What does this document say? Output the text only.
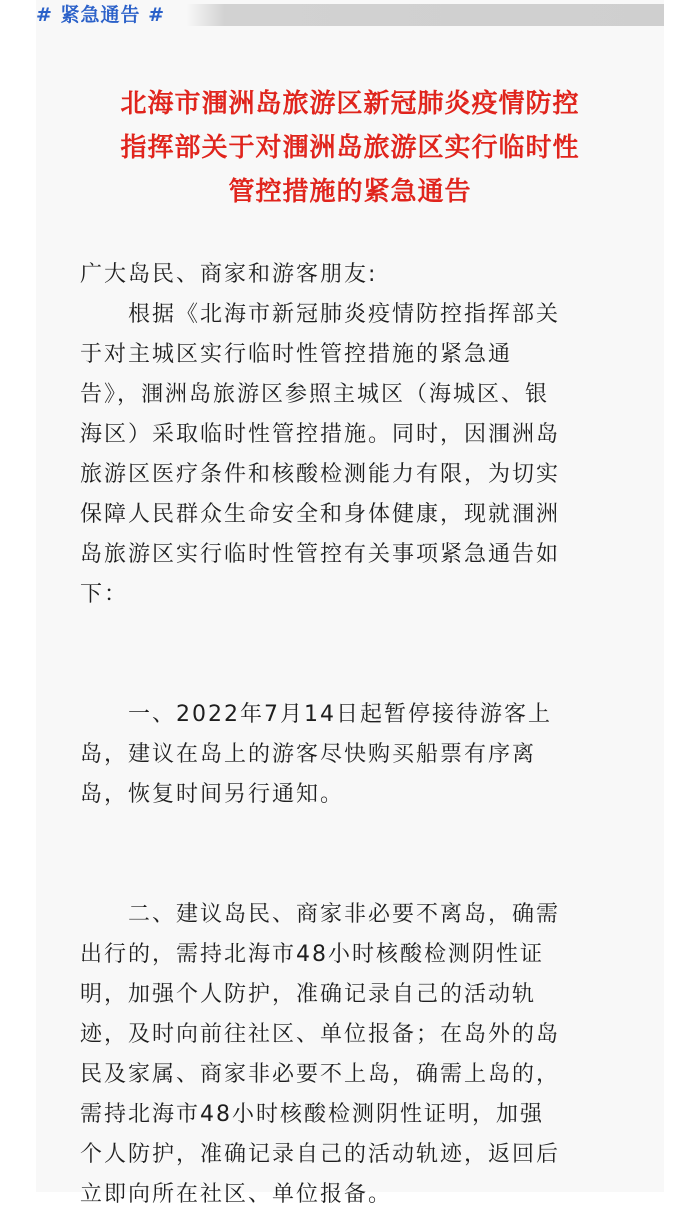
# 紧急通告 #
北海市涠洲岛旅游区新冠肺炎疫情防控
指挥部关于对涠洲岛旅游区实行临时性
管控措施的紧急通告
广大岛民、商家和游客朋友:
根据《北海市新冠肺炎疫情防控指挥部关
于对主城区实行临时性管控措施的紧急通
告》，涠洲岛旅游区参照主城区（海城区、银
海区）采取临时性管控措施。同时，因涠洲岛
旅游区医疗条件和核酸检测能力有限，为切实
保障人民群众生命安全和身体健康，现就涠洲
岛旅游区实行临时性管控有关事项紧急通告如
下：
一、2022年7月14日起暂停接待游客上
岛，建议在岛上的游客尽快购买船票有序离
岛，恢复时间另行通知。
二、建议岛民、商家非必要不离岛，确需
出行的，需持北海市48小时核酸检测阴性证
明，加强个人防护，准确记录自己的活动轨
迹，及时向前往社区、单位报备；在岛外的岛
民及家属、商家非必要不上岛，确需上岛的，
需持北海市48小时核酸检测阴性证明，加强
个人防护，准确记录自己的活动轨迹，返回后
立即向所在社区、单位报备。
